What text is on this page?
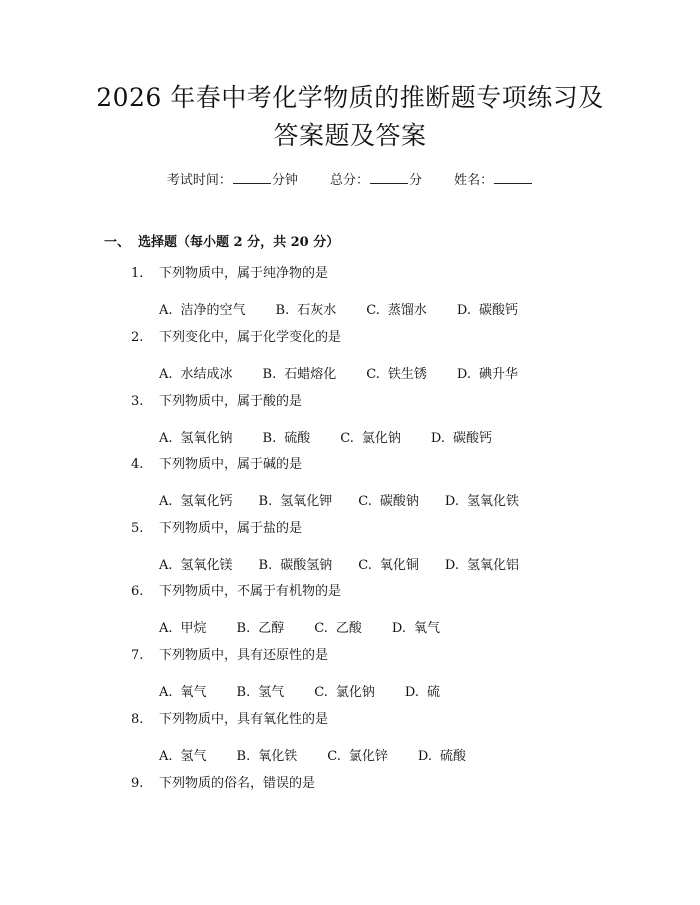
2026 年春中考化学物质的推断题专项练习及
答案题及答案
考试时间：	分钟 总分：	分 姓名：
一、 选择题（每小题 2 分，共 20 分）
1. 下列物质中，属于纯净物的是
A. 洁净的空气 B. 石灰水 C. 蒸馏水 D. 碳酸钙
2. 下列变化中，属于化学变化的是
A. 水结成冰 B. 石蜡熔化 C. 铁生锈 D. 碘升华
3. 下列物质中，属于酸的是
A. 氢氧化钠 B. 硫酸 C. 氯化钠 D. 碳酸钙
4. 下列物质中，属于碱的是
A. 氢氧化钙 B. 氢氧化钾 C. 碳酸钠 D. 氢氧化铁
5. 下列物质中，属于盐的是
A. 氢氧化镁 B. 碳酸氢钠 C. 氧化铜 D. 氢氧化铝
6. 下列物质中，不属于有机物的是
A. 甲烷 B. 乙醇 C. 乙酸 D. 氧气
7. 下列物质中，具有还原性的是
A. 氧气 B. 氢气 C. 氯化钠 D. 硫
8. 下列物质中，具有氧化性的是
A. 氢气 B. 氧化铁 C. 氯化锌 D. 硫酸
9. 下列物质的俗名，错误的是
